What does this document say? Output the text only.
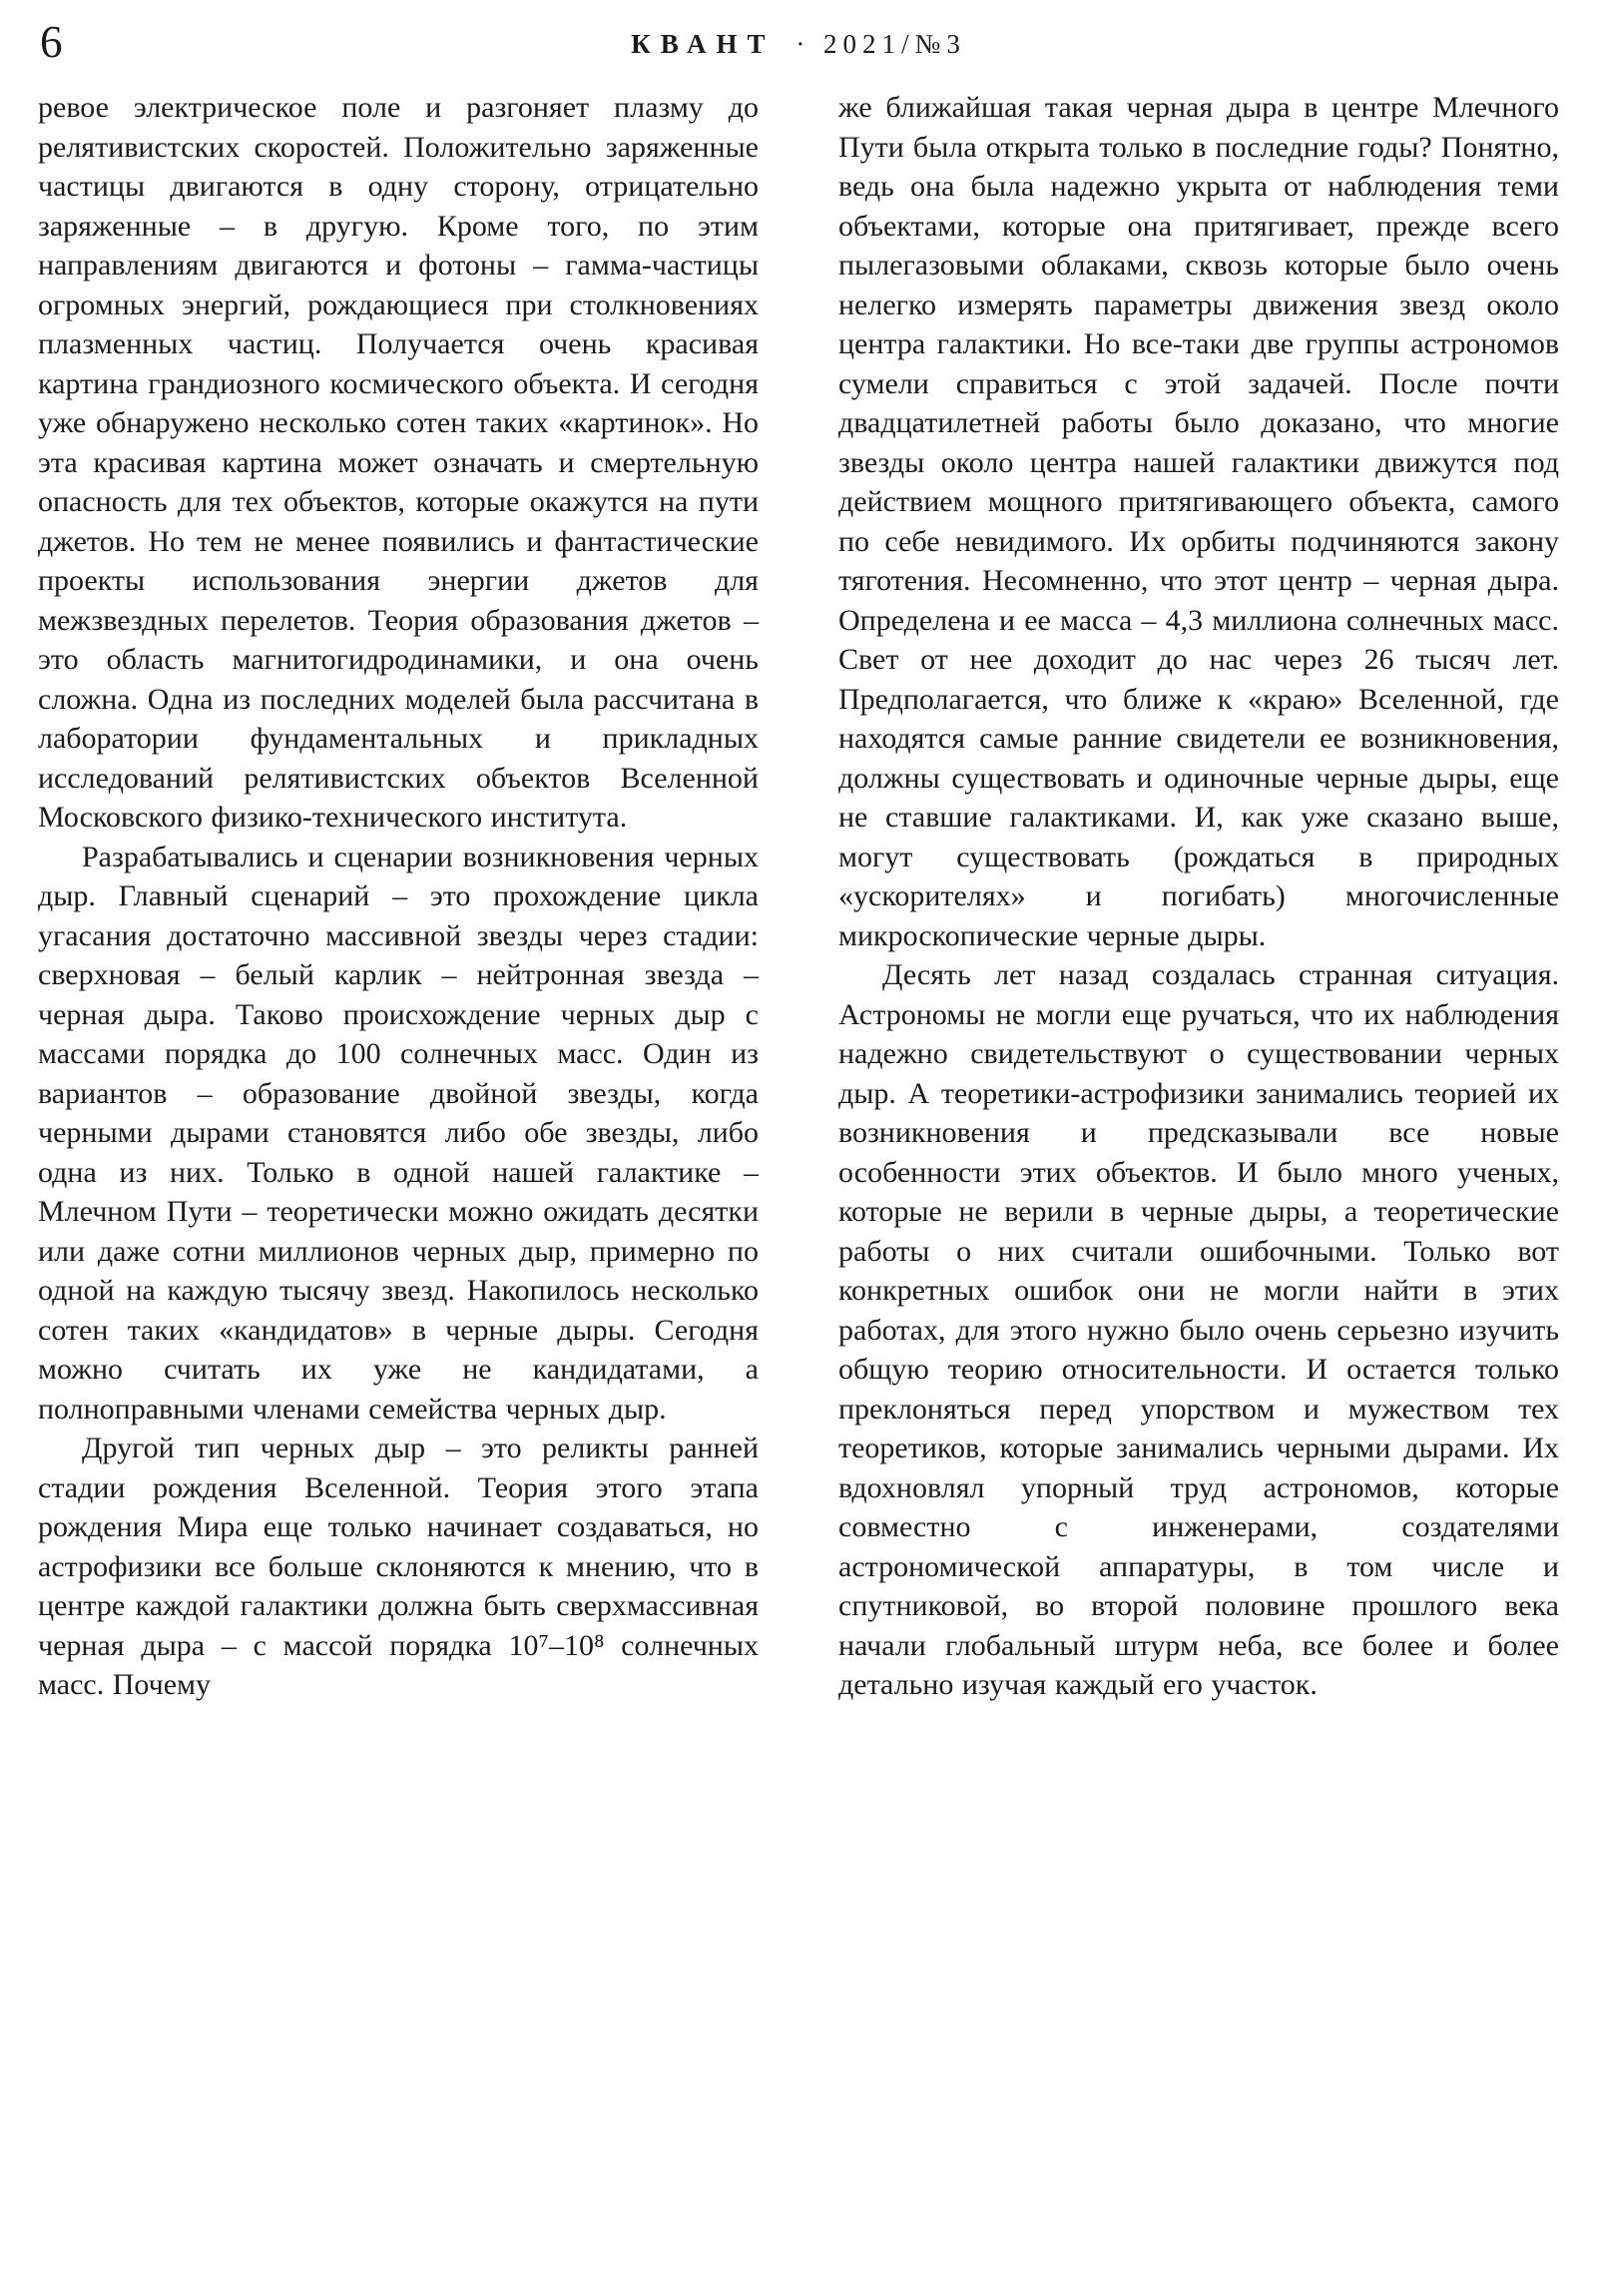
6	КВАНТ · 2021/№3

ревое электрическое поле и разгоняет плазму до релятивистских скоростей. Положительно заряженные частицы двигаются в одну сторону, отрицательно заряженные – в другую. Кроме того, по этим направлениям двигаются и фотоны – гамма-частицы огромных энергий, рождающиеся при столкновениях плазменных частиц. Получается очень красивая картина грандиозного космического объекта. И сегодня уже обнаружено несколько сотен таких «картинок». Но эта красивая картина может означать и смертельную опасность для тех объектов, которые окажутся на пути джетов. Но тем не менее появились и фантастические проекты использования энергии джетов для межзвездных перелетов. Теория образования джетов – это область магнитогидродинамики, и она очень сложна. Одна из последних моделей была рассчитана в лаборатории фундаментальных и прикладных исследований релятивистских объектов Вселенной Московского физико-технического института.

Разрабатывались и сценарии возникновения черных дыр. Главный сценарий – это прохождение цикла угасания достаточно массивной звезды через стадии: сверхновая – белый карлик – нейтронная звезда – черная дыра. Таково происхождение черных дыр с массами порядка до 100 солнечных масс. Один из вариантов – образование двойной звезды, когда черными дырами становятся либо обе звезды, либо одна из них. Только в одной нашей галактике – Млечном Пути – теоретически можно ожидать десятки или даже сотни миллионов черных дыр, примерно по одной на каждую тысячу звезд. Накопилось несколько сотен таких «кандидатов» в черные дыры. Сегодня можно считать их уже не кандидатами, а полноправными членами семейства черных дыр.

Другой тип черных дыр – это реликты ранней стадии рождения Вселенной. Теория этого этапа рождения Мира еще только начинает создаваться, но астрофизики все больше склоняются к мнению, что в центре каждой галактики должна быть сверхмассивная черная дыра – с массой порядка 10⁷–10⁸ солнечных масс. Почему

же ближайшая такая черная дыра в центре Млечного Пути была открыта только в последние годы? Понятно, ведь она была надежно укрыта от наблюдения теми объектами, которые она притягивает, прежде всего пылегазовыми облаками, сквозь которые было очень нелегко измерять параметры движения звезд около центра галактики. Но все-таки две группы астрономов сумели справиться с этой задачей. После почти двадцатилетней работы было доказано, что многие звезды около центра нашей галактики движутся под действием мощного притягивающего объекта, самого по себе невидимого. Их орбиты подчиняются закону тяготения. Несомненно, что этот центр – черная дыра. Определена и ее масса – 4,3 миллиона солнечных масс. Свет от нее доходит до нас через 26 тысяч лет. Предполагается, что ближе к «краю» Вселенной, где находятся самые ранние свидетели ее возникновения, должны существовать и одиночные черные дыры, еще не ставшие галактиками. И, как уже сказано выше, могут существовать (рождаться в природных «ускорителях» и погибать) многочисленные микроскопические черные дыры.

Десять лет назад создалась странная ситуация. Астрономы не могли еще ручаться, что их наблюдения надежно свидетельствуют о существовании черных дыр. А теоретики-астрофизики занимались теорией их возникновения и предсказывали все новые особенности этих объектов. И было много ученых, которые не верили в черные дыры, а теоретические работы о них считали ошибочными. Только вот конкретных ошибок они не могли найти в этих работах, для этого нужно было очень серьезно изучить общую теорию относительности. И остается только преклоняться перед упорством и мужеством тех теоретиков, которые занимались черными дырами. Их вдохновлял упорный труд астрономов, которые совместно с инженерами, создателями астрономической аппаратуры, в том числе и спутниковой, во второй половине прошлого века начали глобальный штурм неба, все более и более детально изучая каждый его участок.
